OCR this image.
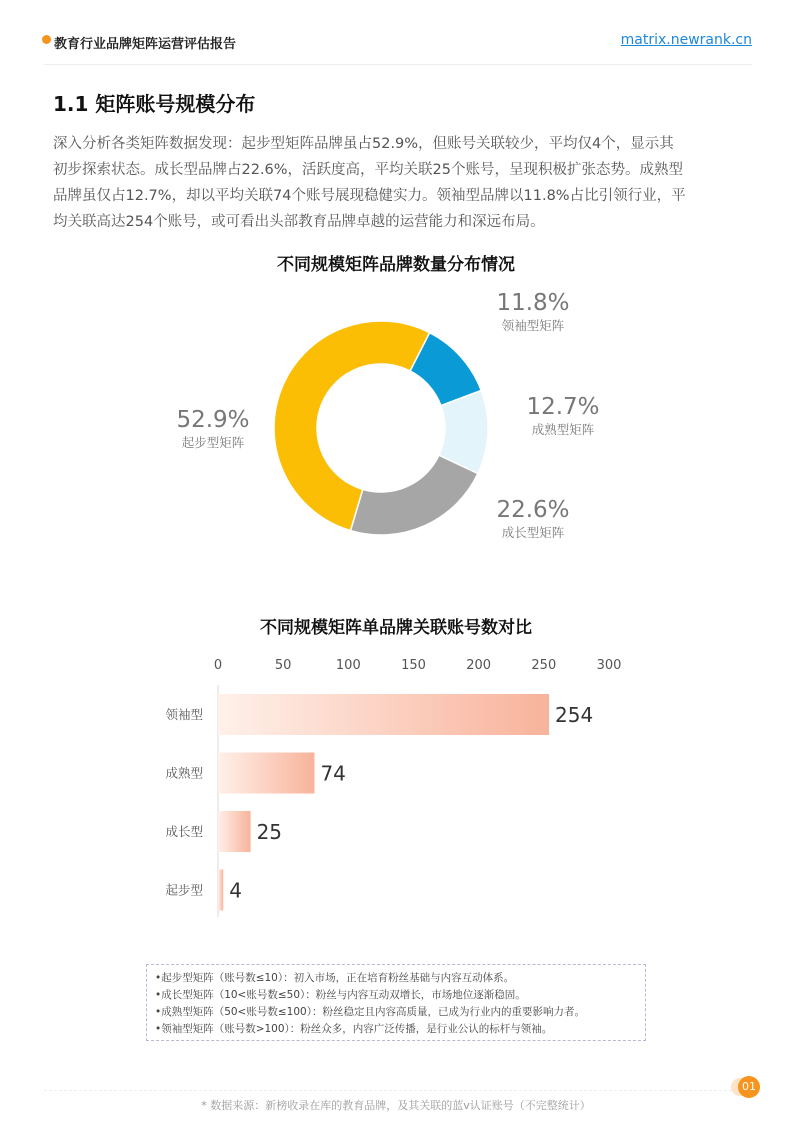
教育行业品牌矩阵运营评估报告	matrix.newrank.cn
1.1 矩阵账号规模分布

深入分析各类矩阵数据发现：起步型矩阵品牌虽占52.9%，但账号关联较少，平均仅4个，显示其

初步探索状态。成长型品牌占22.6%，活跃度高，平均关联25个账号，呈现积极扩张态势。成熟型

品牌虽仅占12.7%，却以平均关联74个账号展现稳健实力。领袖型品牌以11.8%占比引领行业，平

均关联高达254个账号，或可看出头部教育品牌卓越的运营能力和深远布局。

不同规模矩阵品牌数量分布情况
11.8%
领袖型矩阵
12.7%
成熟型矩阵
22.6%
成长型矩阵
52.9%
起步型矩阵
不同规模矩阵单品牌关联账号数对比
0	50	100	150	200	250	300
领袖型	254
成熟型	74
成长型	25
起步型 4
•起步型矩阵（账号数≤10）：初入市场，正在培育粉丝基础与内容互动体系。
•成长型矩阵（10<账号数≤50）：粉丝与内容互动双增长，市场地位逐渐稳固。
•成熟型矩阵（50<账号数≤100）：粉丝稳定且内容高质量，已成为行业内的重要影响力者。
•领袖型矩阵（账号数>100）：粉丝众多，内容广泛传播，是行业公认的标杆与领袖。
01
* 数据来源：新榜收录在库的教育品牌，及其关联的蓝v认证账号（不完整统计）
